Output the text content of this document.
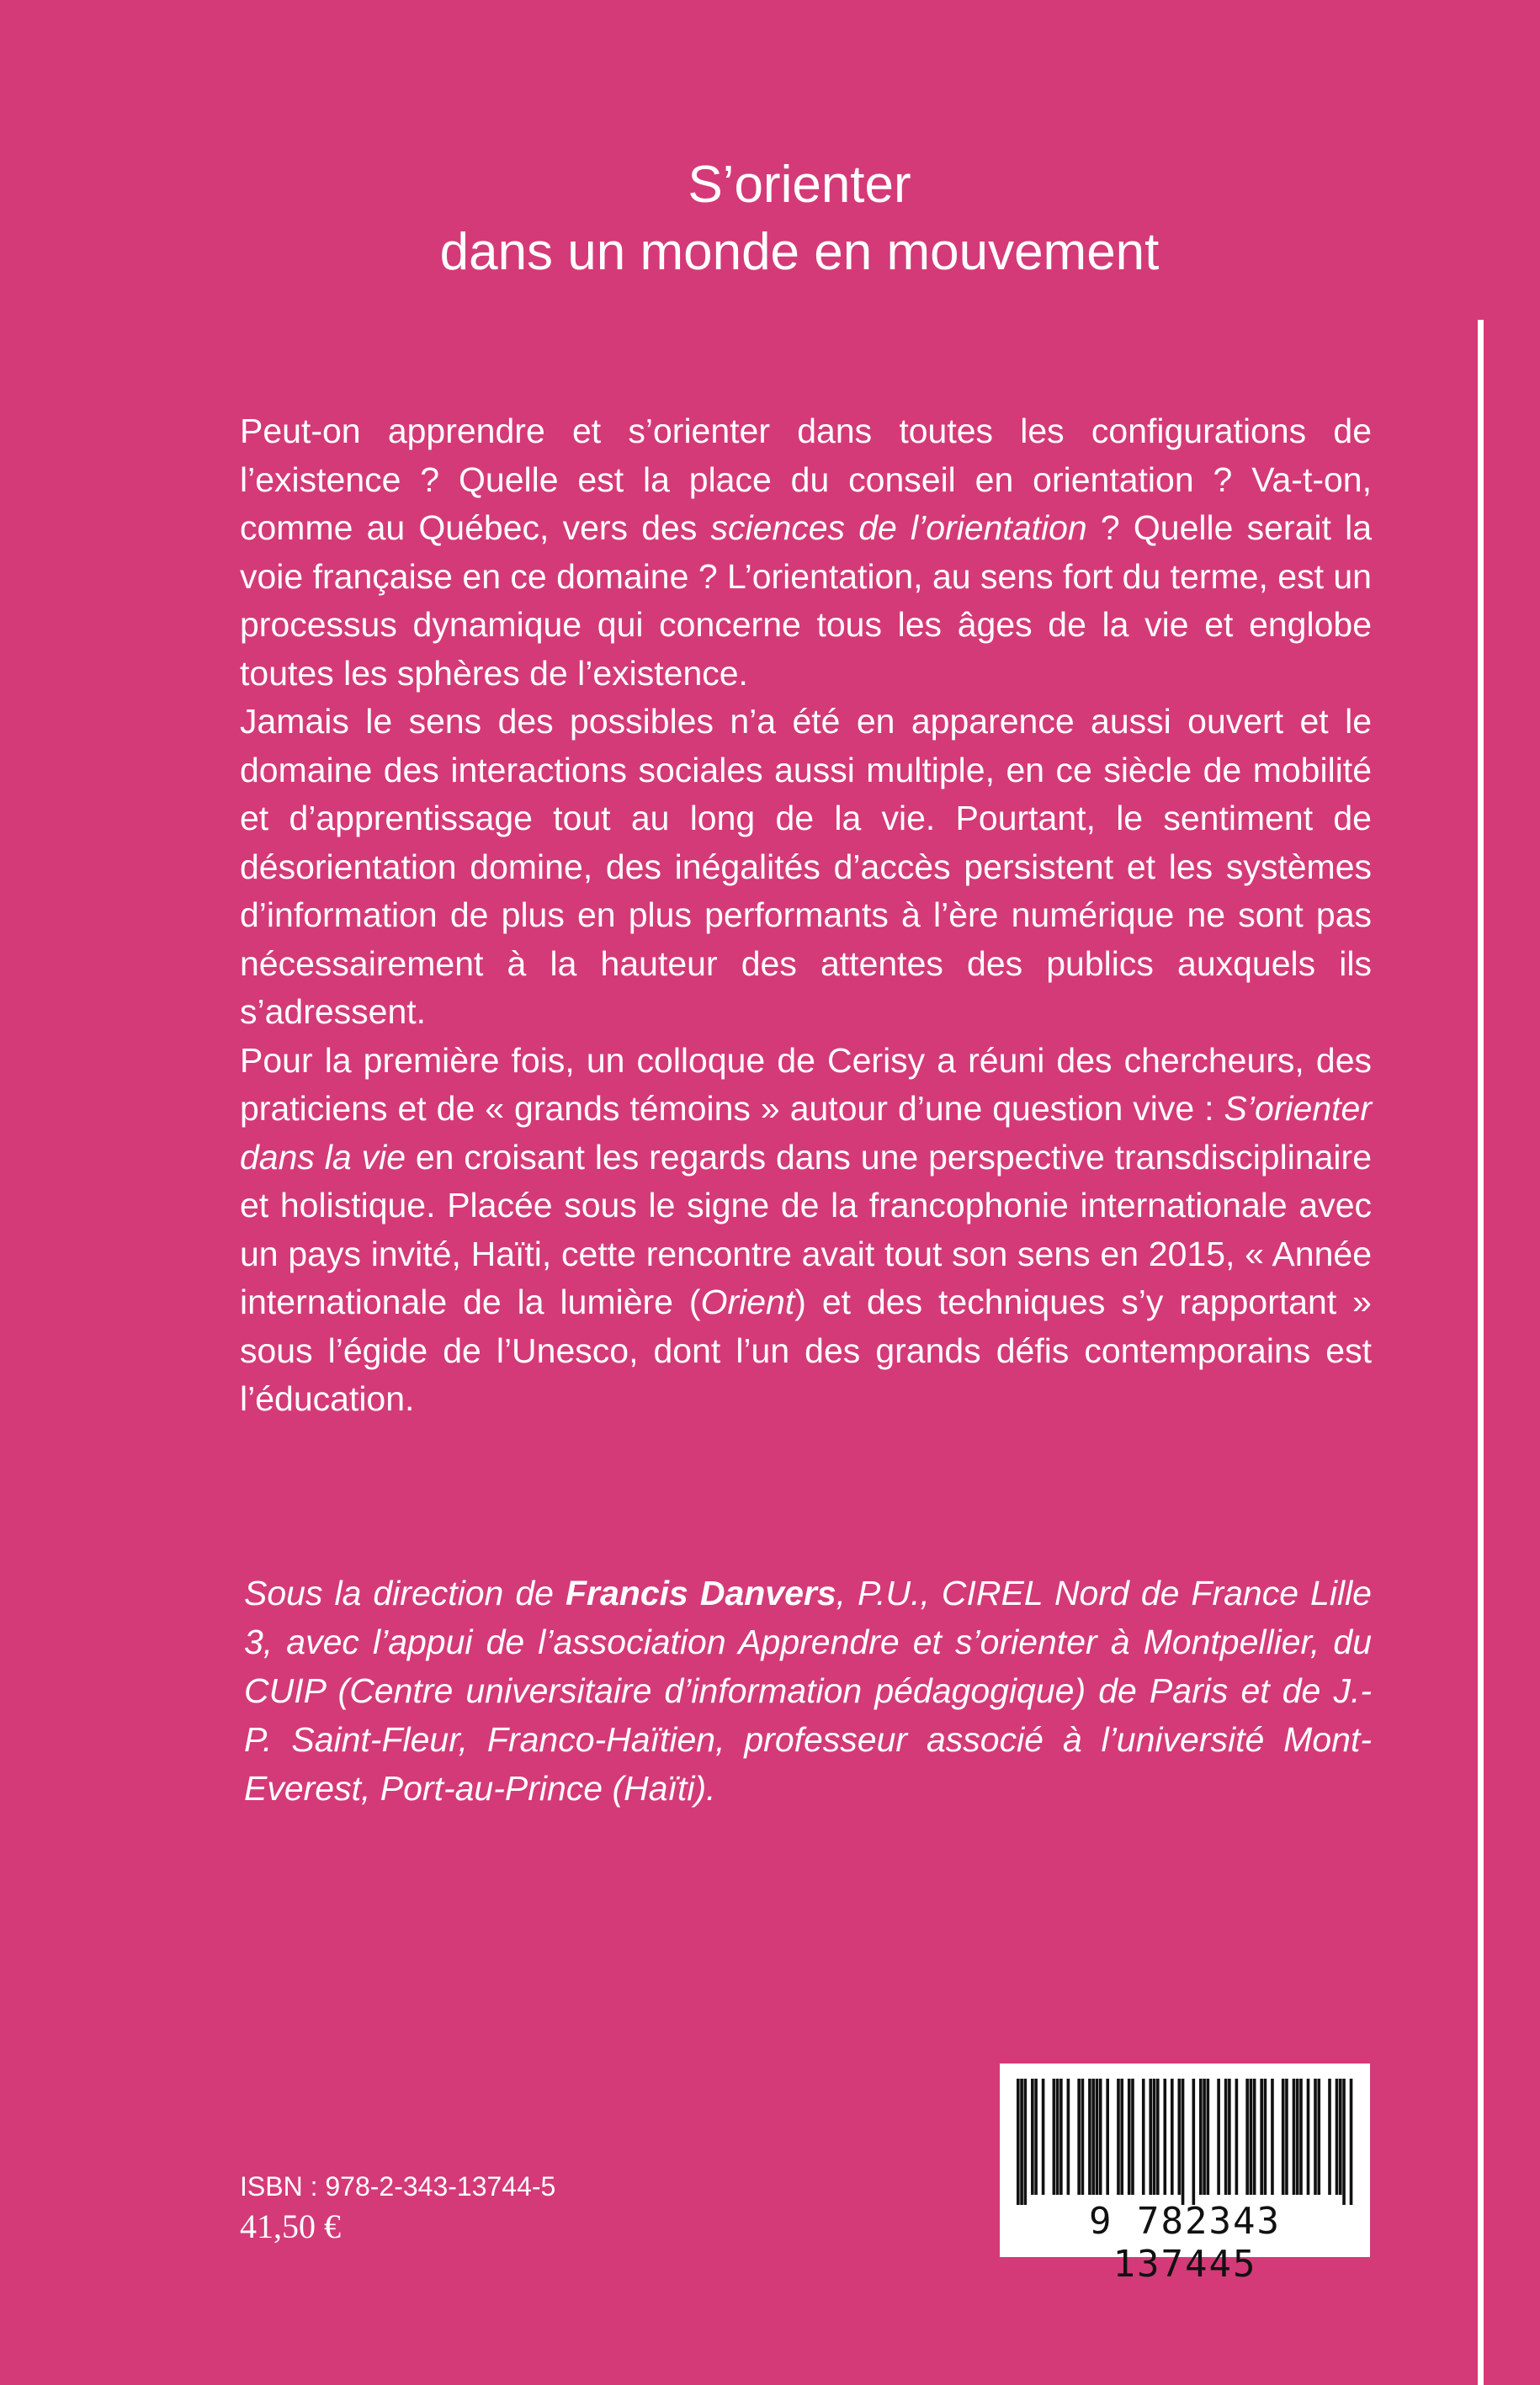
S’orienter
dans un monde en mouvement

Peut-on apprendre et s’orienter dans toutes les configurations de l’existence ? Quelle est la place du conseil en orientation ? Va-t-on, comme au Québec, vers des sciences de l’orientation ? Quelle serait la voie française en ce domaine ? L’orientation, au sens fort du terme, est un processus dynamique qui concerne tous les âges de la vie et englobe toutes les sphères de l’existence.

Jamais le sens des possibles n’a été en apparence aussi ouvert et le domaine des interactions sociales aussi multiple, en ce siècle de mobilité et d’apprentissage tout au long de la vie. Pourtant, le sentiment de désorientation domine, des inégalités d’accès persistent et les systèmes d’information de plus en plus performants à l’ère numérique ne sont pas nécessairement à la hauteur des attentes des publics auxquels ils s’adressent.

Pour la première fois, un colloque de Cerisy a réuni des chercheurs, des praticiens et de « grands témoins » autour d’une question vive : S’orienter dans la vie en croisant les regards dans une perspective transdisciplinaire et holistique. Placée sous le signe de la francophonie internationale avec un pays invité, Haïti, cette rencontre avait tout son sens en 2015, « Année internationale de la lumière (Orient) et des techniques s’y rapportant » sous l’égide de l’Unesco, dont l’un des grands défis contemporains est l’éducation.

Sous la direction de Francis Danvers, P.U., CIREL Nord de France Lille 3, avec l’appui de l’association Apprendre et s’orienter à Montpellier, du CUIP (Centre universitaire d’information pédagogique) de Paris et de J.-P. Saint-Fleur, Franco-Haïtien, professeur associé à l’université Mont-Everest, Port-au-Prince (Haïti).
ISBN : 978-2-343-13744-5
41,50 €	9 782343 137445
